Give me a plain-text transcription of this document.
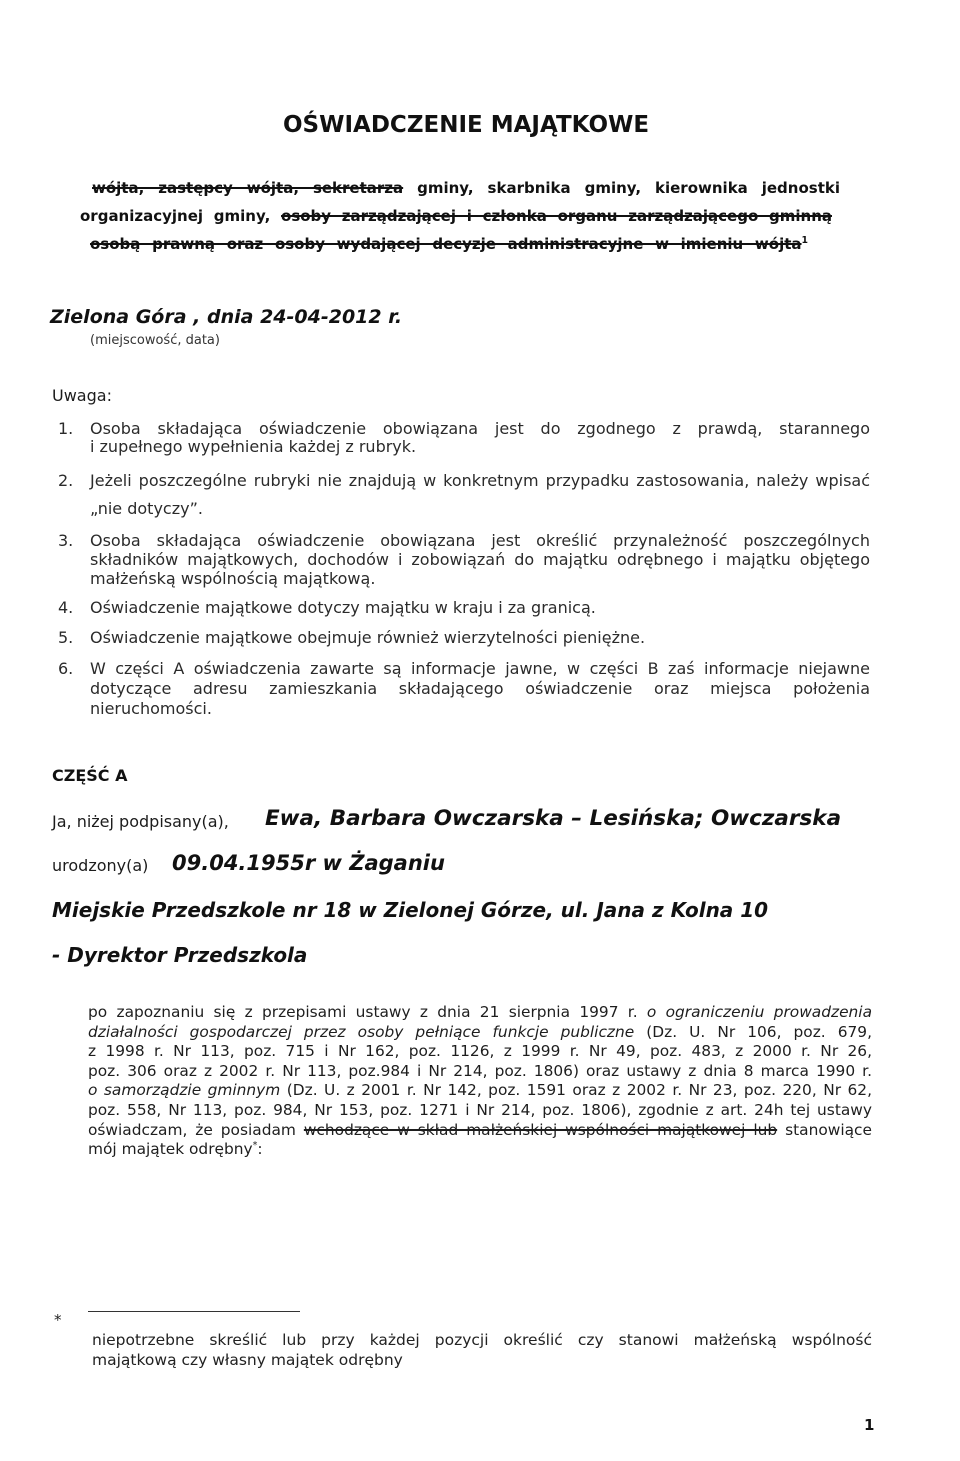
OŚWIADCZENIE MAJĄTKOWE
wójta, zastępcy wójta, sekretarza gminy, skarbnika gminy, kierownika jednostki
organizacyjnej gminy, osoby zarządzającej i członka organu zarządzającego gminną
osobą prawną oraz osoby wydającej decyzje administracyjne w imieniu wójta$^1$
Zielona Góra , dnia 24-04-2012 r.
(miejscowość, data)
Uwaga:
1. Osoba składająca oświadczenie obowiązana jest do zgodnego z prawdą, starannego
i zupełnego wypełnienia każdej z rubryk.
2. Jeżeli poszczególne rubryki nie znajdują w konkretnym przypadku zastosowania, należy wpisać
„nie dotyczy”.
3. Osoba składająca oświadczenie obowiązana jest określić przynależność poszczególnych
składników majątkowych, dochodów i zobowiązań do majątku odrębnego i majątku objętego
małżeńską wspólnością majątkową.
4. Oświadczenie majątkowe dotyczy majątku w kraju i za granicą.
5. Oświadczenie majątkowe obejmuje również wierzytelności pieniężne.
6. W części A oświadczenia zawarte są informacje jawne, w części B zaś informacje niejawne
dotyczące adresu zamieszkania składającego oświadczenie oraz miejsca położenia
nieruchomości.
CZĘŚĆ A
Ja, niżej podpisany(a), Ewa, Barbara Owczarska – Lesińska; Owczarska
urodzony(a) 09.04.1955r w Żaganiu
Miejskie Przedszkole nr 18 w Zielonej Górze, ul. Jana z Kolna 10
- Dyrektor Przedszkola
po zapoznaniu się z przepisami ustawy z dnia 21 sierpnia 1997 r. o ograniczeniu prowadzenia
działalności gospodarczej przez osoby pełniące funkcje publiczne (Dz. U. Nr 106, poz. 679,
z 1998 r. Nr 113, poz. 715 i Nr 162, poz. 1126, z 1999 r. Nr 49, poz. 483, z 2000 r. Nr 26,
poz. 306 oraz z 2002 r. Nr 113, poz.984 i Nr 214, poz. 1806) oraz ustawy z dnia 8 marca 1990 r.
o samorządzie gminnym (Dz. U. z 2001 r. Nr 142, poz. 1591 oraz z 2002 r. Nr 23, poz. 220, Nr 62,
poz. 558, Nr 113, poz. 984, Nr 153, poz. 1271 i Nr 214, poz. 1806), zgodnie z art. 24h tej ustawy
oświadczam, że posiadam wchodzące w skład małżeńskiej wspólności majątkowej lub stanowiące
mój majątek odrębny*:
*
niepotrzebne skreślić lub przy każdej pozycji określić czy stanowi małżeńską wspólność
majątkową czy własny majątek odrębny
1
